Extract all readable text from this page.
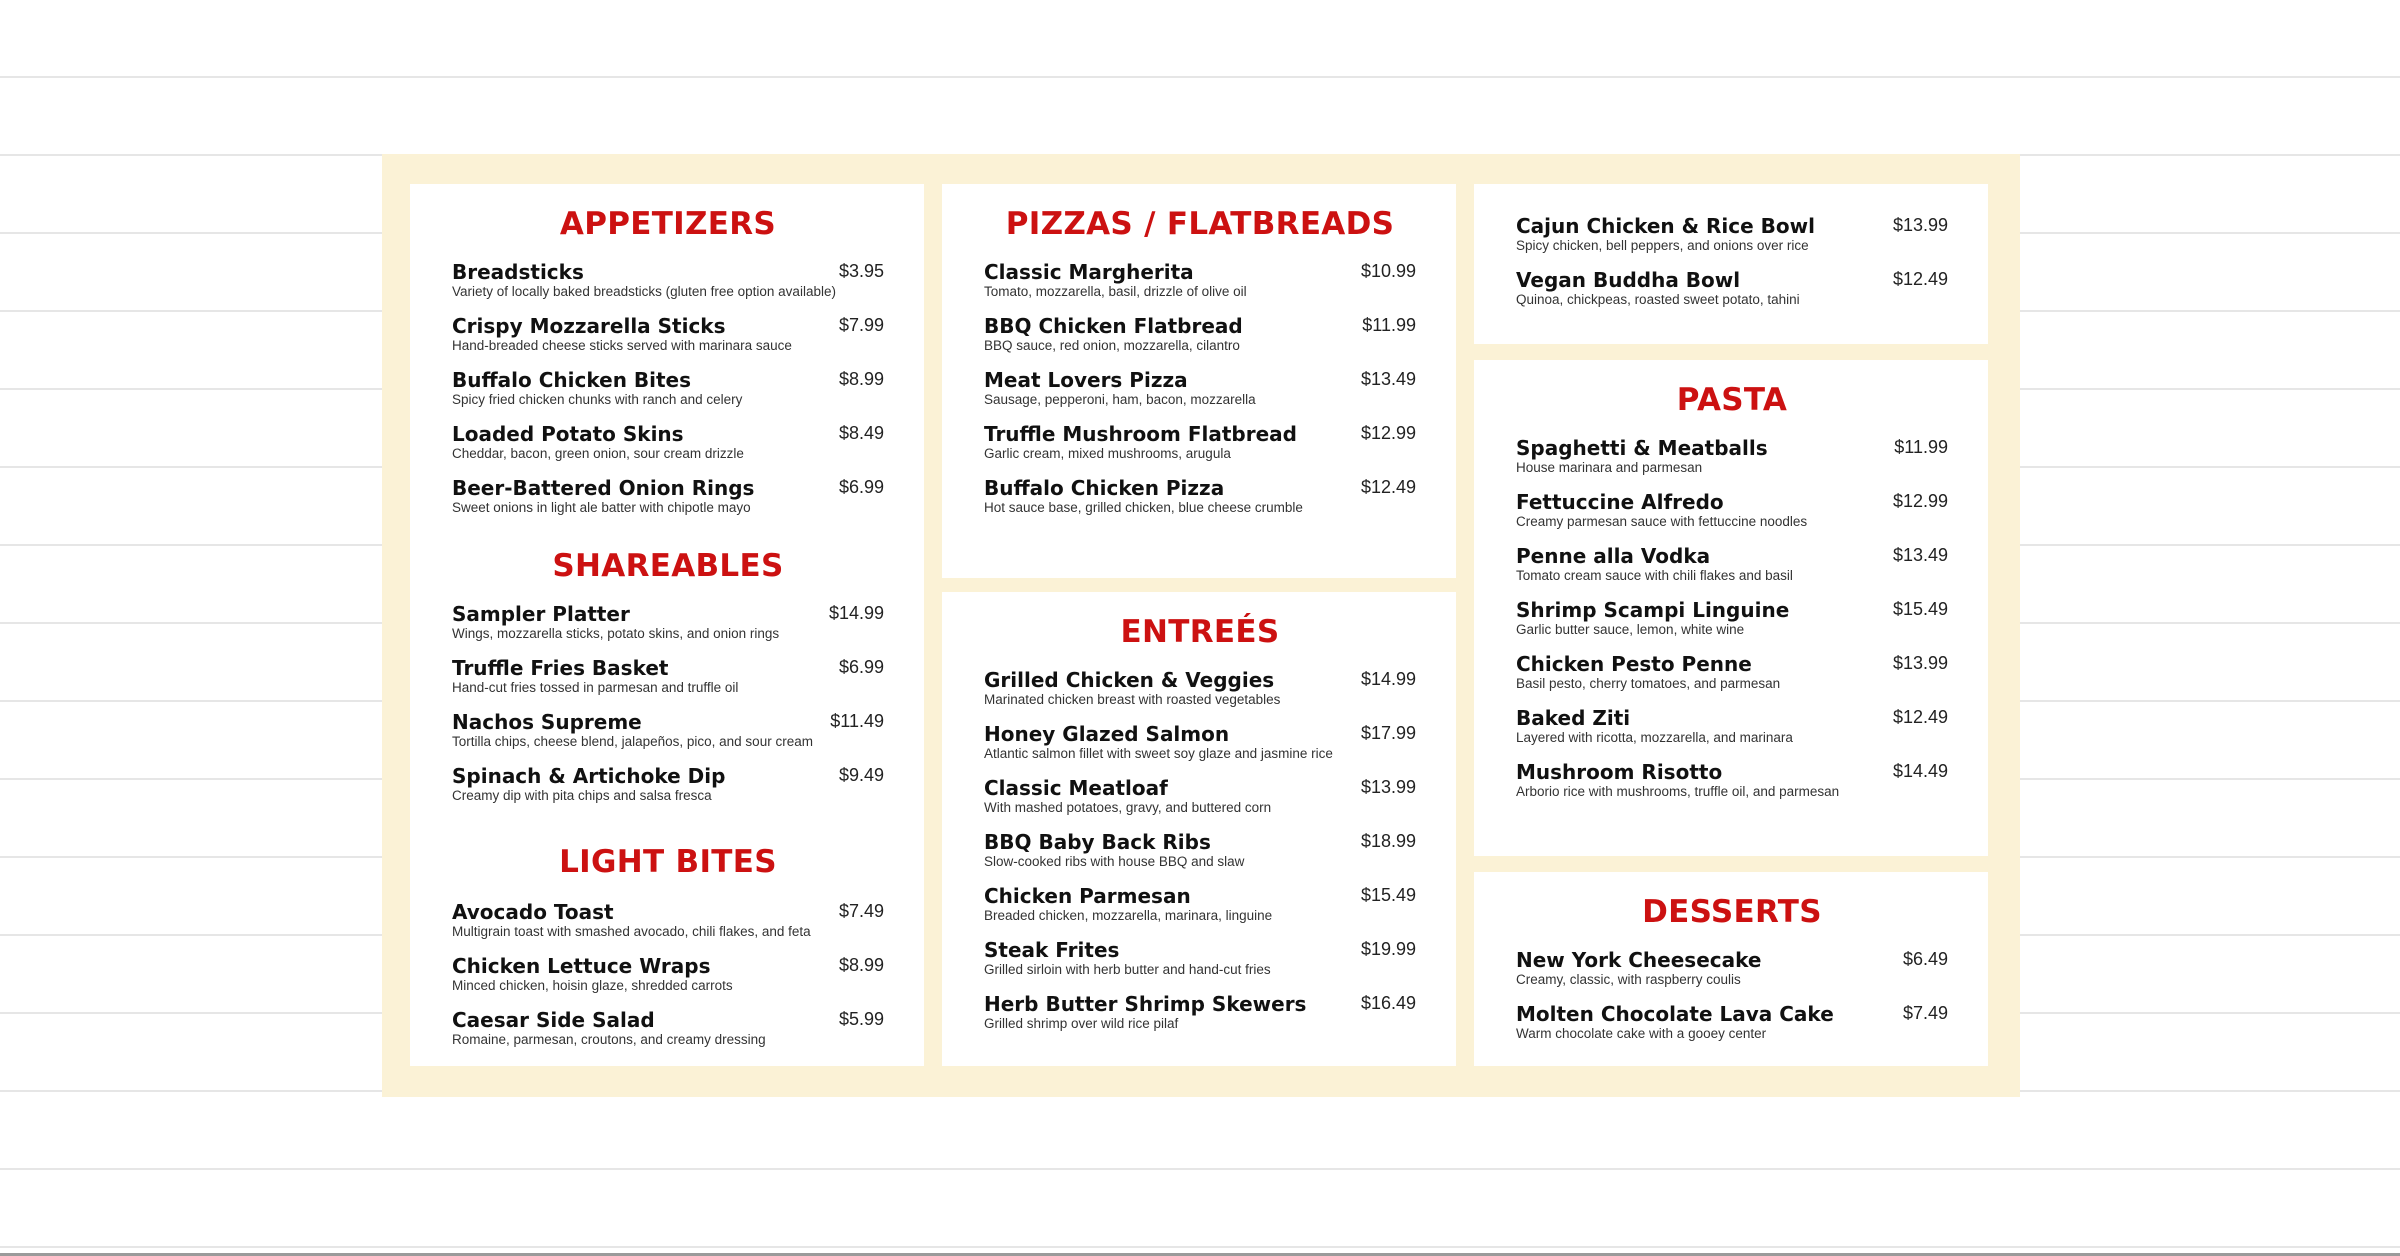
APPETIZERS
Breadsticks
Variety of locally baked breadsticks (gluten free option available)
$3.95
Crispy Mozzarella Sticks
Hand-breaded cheese sticks served with marinara sauce
$7.99
Buffalo Chicken Bites
Spicy fried chicken chunks with ranch and celery
$8.99
Loaded Potato Skins
Cheddar, bacon, green onion, sour cream drizzle
$8.49
Beer-Battered Onion Rings
Sweet onions in light ale batter with chipotle mayo
$6.99
SHAREABLES
Sampler Platter
Wings, mozzarella sticks, potato skins, and onion rings
$14.99
Truffle Fries Basket
Hand-cut fries tossed in parmesan and truffle oil
$6.99
Nachos Supreme
Tortilla chips, cheese blend, jalapeños, pico, and sour cream
$11.49
Spinach & Artichoke Dip
Creamy dip with pita chips and salsa fresca
$9.49
LIGHT BITES
Avocado Toast
Multigrain toast with smashed avocado, chili flakes, and feta
$7.49
Chicken Lettuce Wraps
Minced chicken, hoisin glaze, shredded carrots
$8.99
Caesar Side Salad
Romaine, parmesan, croutons, and creamy dressing
$5.99
PIZZAS / FLATBREADS
Classic Margherita
Tomato, mozzarella, basil, drizzle of olive oil
$10.99
BBQ Chicken Flatbread
BBQ sauce, red onion, mozzarella, cilantro
$11.99
Meat Lovers Pizza
Sausage, pepperoni, ham, bacon, mozzarella
$13.49
Truffle Mushroom Flatbread
Garlic cream, mixed mushrooms, arugula
$12.99
Buffalo Chicken Pizza
Hot sauce base, grilled chicken, blue cheese crumble
$12.49
ENTREÉS
Grilled Chicken & Veggies
Marinated chicken breast with roasted vegetables
$14.99
Honey Glazed Salmon
Atlantic salmon fillet with sweet soy glaze and jasmine rice
$17.99
Classic Meatloaf
With mashed potatoes, gravy, and buttered corn
$13.99
BBQ Baby Back Ribs
Slow-cooked ribs with house BBQ and slaw
$18.99
Chicken Parmesan
Breaded chicken, mozzarella, marinara, linguine
$15.49
Steak Frites
Grilled sirloin with herb butter and hand-cut fries
$19.99
Herb Butter Shrimp Skewers
Grilled shrimp over wild rice pilaf
$16.49
Cajun Chicken & Rice Bowl
Spicy chicken, bell peppers, and onions over rice
$13.99
Vegan Buddha Bowl
Quinoa, chickpeas, roasted sweet potato, tahini
$12.49
PASTA
Spaghetti & Meatballs
House marinara and parmesan
$11.99
Fettuccine Alfredo
Creamy parmesan sauce with fettuccine noodles
$12.99
Penne alla Vodka
Tomato cream sauce with chili flakes and basil
$13.49
Shrimp Scampi Linguine
Garlic butter sauce, lemon, white wine
$15.49
Chicken Pesto Penne
Basil pesto, cherry tomatoes, and parmesan
$13.99
Baked Ziti
Layered with ricotta, mozzarella, and marinara
$12.49
Mushroom Risotto
Arborio rice with mushrooms, truffle oil, and parmesan
$14.49
DESSERTS
New York Cheesecake
Creamy, classic, with raspberry coulis
$6.49
Molten Chocolate Lava Cake
Warm chocolate cake with a gooey center
$7.49
